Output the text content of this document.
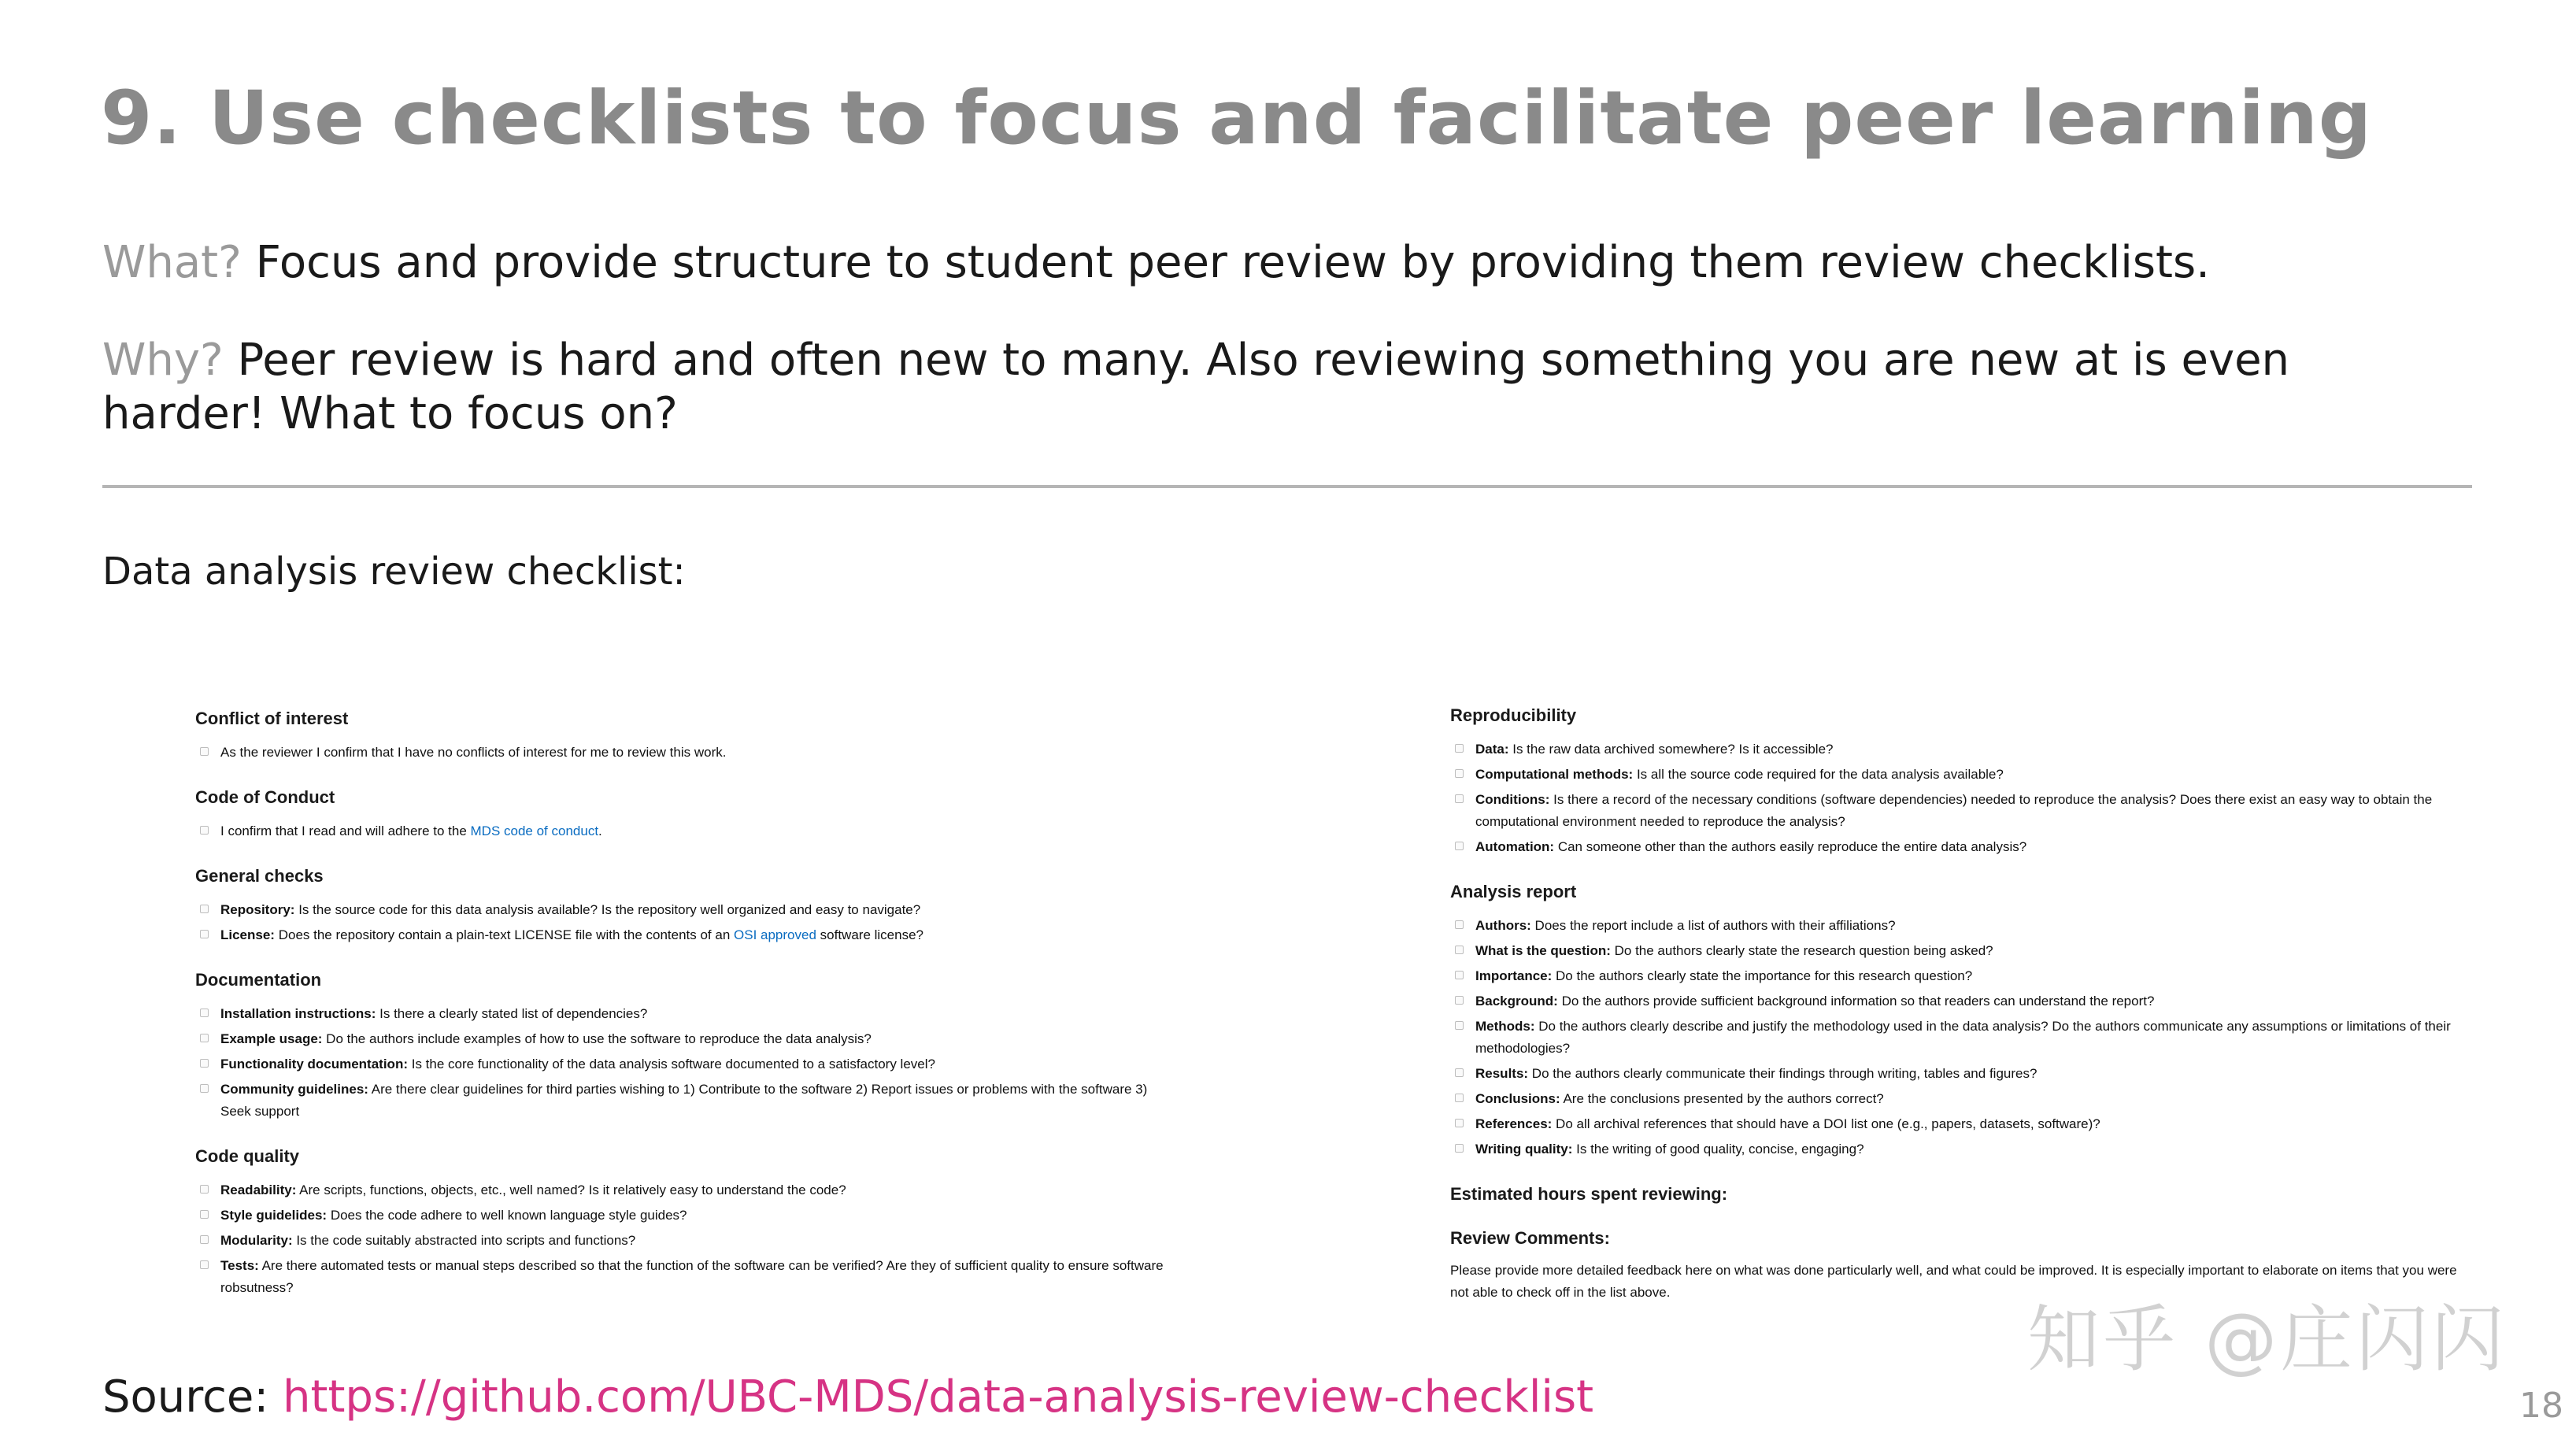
9. Use checklists to focus and facilitate peer learning

What? Focus and provide structure to student peer review by providing them review checklists.

Why? Peer review is hard and often new to many. Also reviewing something you are new at is even harder! What to focus on?

Data analysis review checklist:

Conflict of interest
As the reviewer I confirm that I have no conflicts of interest for me to review this work.
Code of Conduct
I confirm that I read and will adhere to the MDS code of conduct.
General checks
Repository: Is the source code for this data analysis available? Is the repository well organized and easy to navigate?
License: Does the repository contain a plain-text LICENSE file with the contents of an OSI approved software license?
Documentation
Installation instructions: Is there a clearly stated list of dependencies?
Example usage: Do the authors include examples of how to use the software to reproduce the data analysis?
Functionality documentation: Is the core functionality of the data analysis software documented to a satisfactory level?
Community guidelines: Are there clear guidelines for third parties wishing to 1) Contribute to the software 2) Report issues or problems with the software 3) Seek support
Code quality
Readability: Are scripts, functions, objects, etc., well named? Is it relatively easy to understand the code?
Style guidelides: Does the code adhere to well known language style guides?
Modularity: Is the code suitably abstracted into scripts and functions?
Tests: Are there automated tests or manual steps described so that the function of the software can be verified? Are they of sufficient quality to ensure software robsutness?
Reproducibility
Data: Is the raw data archived somewhere? Is it accessible?
Computational methods: Is all the source code required for the data analysis available?
Conditions: Is there a record of the necessary conditions (software dependencies) needed to reproduce the analysis? Does there exist an easy way to obtain the computational environment needed to reproduce the analysis?
Automation: Can someone other than the authors easily reproduce the entire data analysis?
Analysis report
Authors: Does the report include a list of authors with their affiliations?
What is the question: Do the authors clearly state the research question being asked?
Importance: Do the authors clearly state the importance for this research question?
Background: Do the authors provide sufficient background information so that readers can understand the report?
Methods: Do the authors clearly describe and justify the methodology used in the data analysis? Do the authors communicate any assumptions or limitations of their methodologies?
Results: Do the authors clearly communicate their findings through writing, tables and figures?
Conclusions: Are the conclusions presented by the authors correct?
References: Do all archival references that should have a DOI list one (e.g., papers, datasets, software)?
Writing quality: Is the writing of good quality, concise, engaging?
Estimated hours spent reviewing:
Review Comments:
Please provide more detailed feedback here on what was done particularly well, and what could be improved. It is especially important to elaborate on items that you were not able to check off in the list above.

Source: https://github.com/UBC-MDS/data-analysis-review-checklist

知乎 @庄闪闪
18
